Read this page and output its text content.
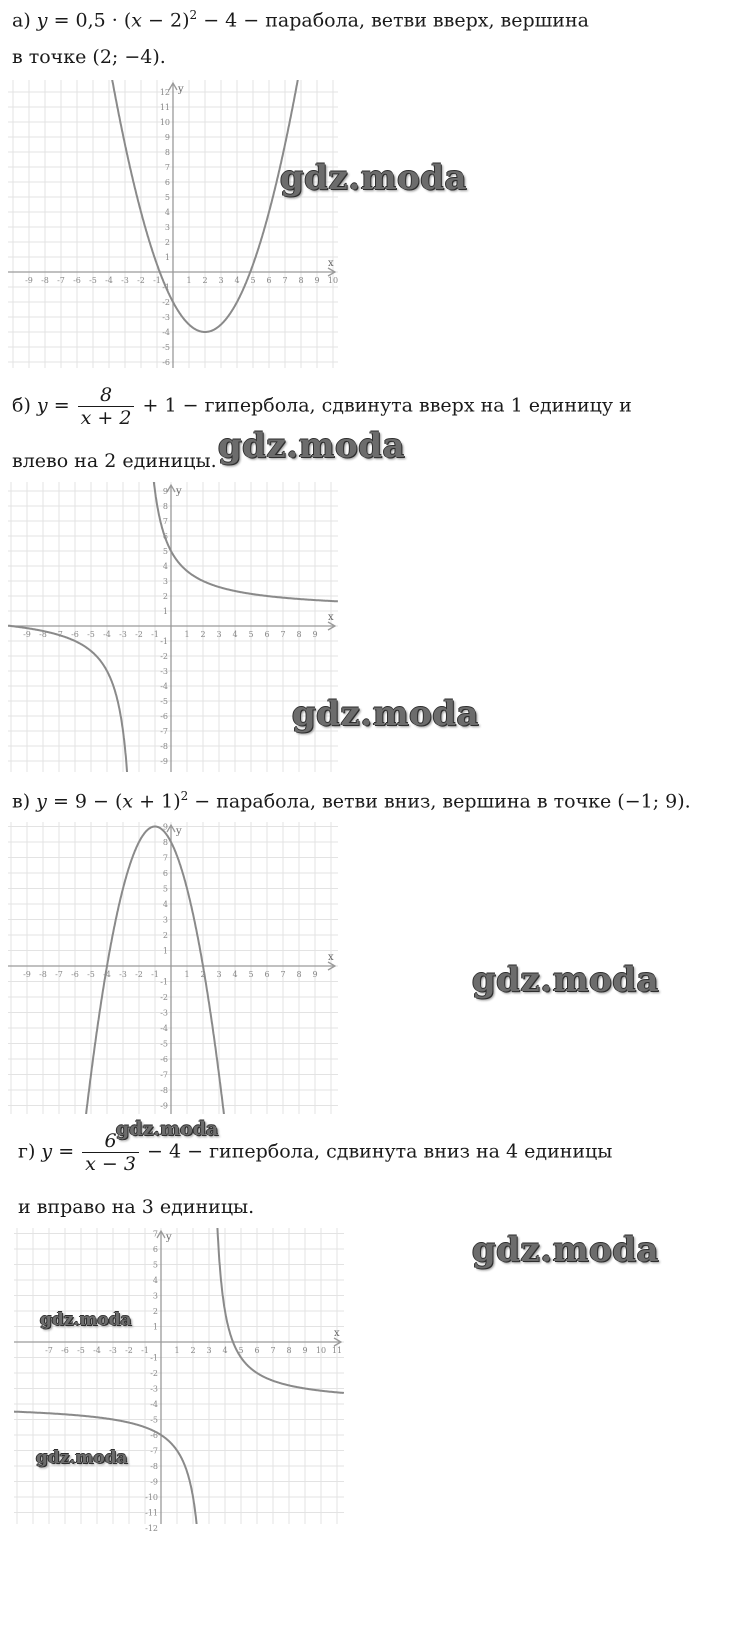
а) $y = 0,5 \cdot (x - 2)^2 - 4$ − парабола, ветви вверх, вершина
в точке (2; −4).
-9 -8 -7 -6 -5 -4 -3 -2 -1	1 2 3 4 5 6 7 8 9 10
12
11
10
9
8
7
6
5
4
3
2
1
-1
-2
-3
-4
-5
-6
x
y
б) $y = \frac{8}{x + 2} + 1$ − гипербола, сдвинута вверх на 1 единицу и
влево на 2 единицы.
-9 -8 -7 -6 -5 -4 -3 -2 -1	1 2 3 4 5 6 7 8 9
9
8
7
6
5
4
3
2
1
-1
-2
-3
-4
-5
-6
-7
-8
-9
x
y
в) $y = 9 - (x + 1)^2$ − парабола, ветви вниз, вершина в точке (−1; 9).
-9 -8 -7 -6 -5 -4 -3 -2 -1	1 2 3 4 5 6 7 8 9
9
8
7
6
5
4
3
2
1
-1
-2
-3
-4
-5
-6
-7
-8
-9
x
y
г) $y = \frac{6}{x - 3} - 4$ − гипербола, сдвинута вниз на 4 единицы
и вправо на 3 единицы.
-7 -6 -5 -4 -3 -2 -1	1 2 3 4 5 6 7 8 9 10 11
7
6
5
4
3
2
1
-1
-2
-3
-4
-5
-6
-7
-8
-9
-10
-11
-12
x
y
gdz.moda
gdz.moda
gdz.moda
gdz.moda
gdz.moda
gdz.moda
gdz.moda
gdz.moda
